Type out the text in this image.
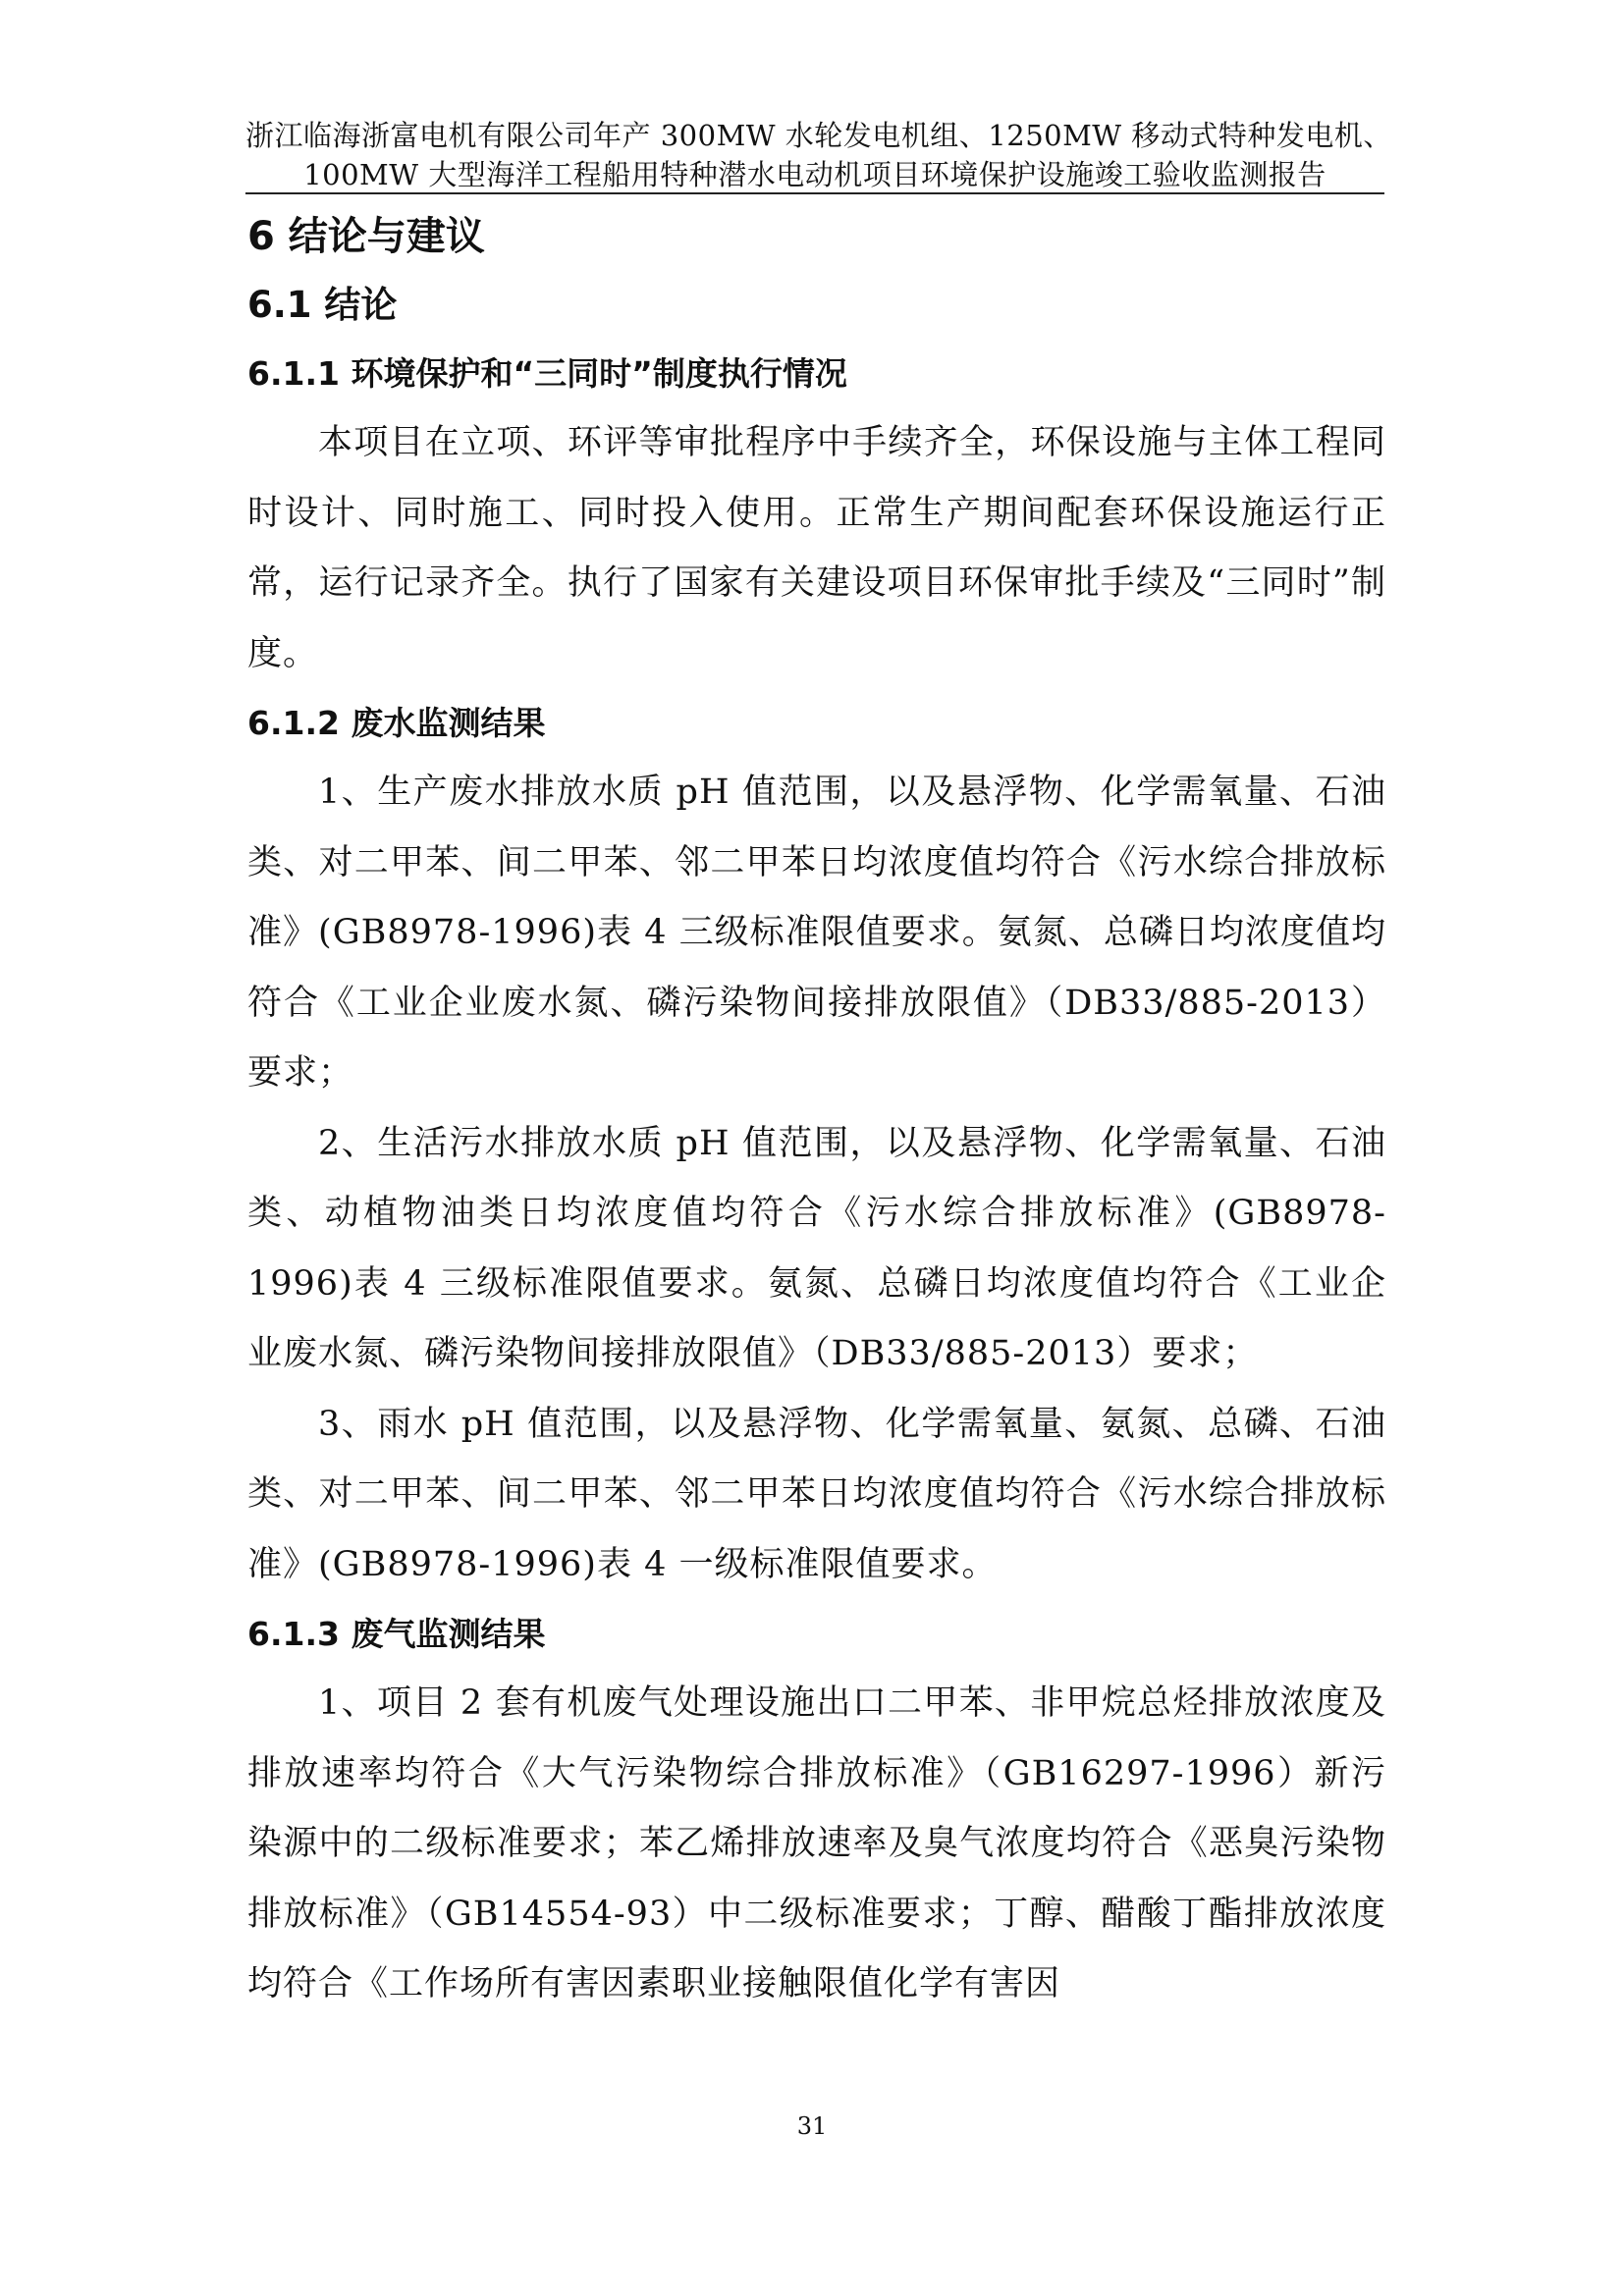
浙江临海浙富电机有限公司年产 300MW 水轮发电机组、1250MW 移动式特种发电机、
100MW 大型海洋工程船用特种潜水电动机项目环境保护设施竣工验收监测报告
6 结论与建议
6.1 结论
6.1.1 环境保护和“三同时”制度执行情况

本项目在立项、环评等审批程序中手续齐全，环保设施与主体工程同时设计、同时施工、同时投入使用。正常生产期间配套环保设施运行正常，运行记录齐全。执行了国家有关建设项目环保审批手续及“三同时”制度。

6.1.2 废水监测结果

1、生产废水排放水质 pH 值范围，以及悬浮物、化学需氧量、石油类、对二甲苯、间二甲苯、邻二甲苯日均浓度值均符合《污水综合排放标准》(GB8978-1996)表 4 三级标准限值要求。氨氮、总磷日均浓度值均符合《工业企业废水氮、磷污染物间接排放限值》（DB33/885-2013）要求；

2、生活污水排放水质 pH 值范围，以及悬浮物、化学需氧量、石油类、动植物油类日均浓度值均符合《污水综合排放标准》(GB8978-1996)表 4 三级标准限值要求。氨氮、总磷日均浓度值均符合《工业企业废水氮、磷污染物间接排放限值》（DB33/885-2013）要求；

3、雨水 pH 值范围，以及悬浮物、化学需氧量、氨氮、总磷、石油类、对二甲苯、间二甲苯、邻二甲苯日均浓度值均符合《污水综合排放标准》(GB8978-1996)表 4 一级标准限值要求。

6.1.3 废气监测结果

1、项目 2 套有机废气处理设施出口二甲苯、非甲烷总烃排放浓度及排放速率均符合《大气污染物综合排放标准》（GB16297-1996）新污染源中的二级标准要求；苯乙烯排放速率及臭气浓度均符合《恶臭污染物排放标准》（GB14554-93）中二级标准要求；丁醇、醋酸丁酯排放浓度均符合《工作场所有害因素职业接触限值化学有害因

31
